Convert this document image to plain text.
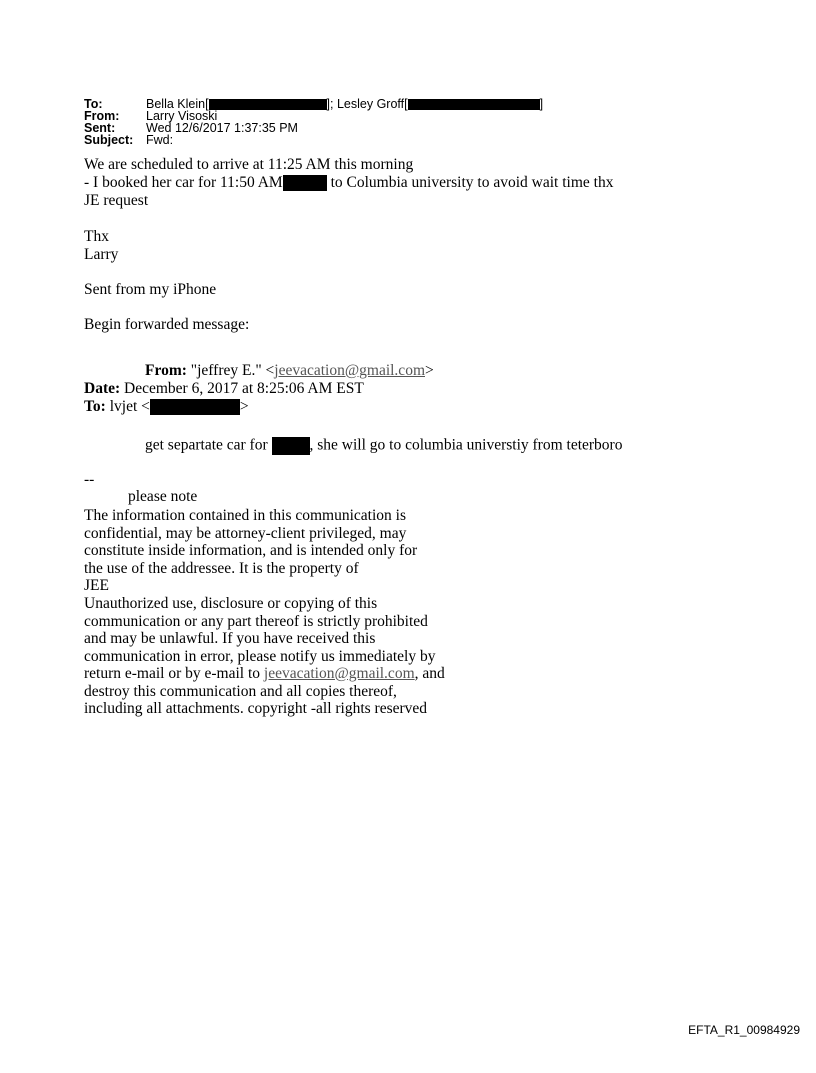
To:	Bella Klein[	]; Lesley Groff[	]
From: Larry Visoski
Sent: Wed 12/6/2017 1:37:35 PM
Subject: Fwd:
We are scheduled to arrive at 11:25 AM this morning
- I booked her car for 11:50 AM	to Columbia university to avoid wait time thx
JE request
Thx
Larry
Sent from my iPhone
Begin forwarded message:
From: "jeffrey E." <jeevacation@gmail.com>
Date: December 6, 2017 at 8:25:06 AM EST
To: lvjet <	>
get separtate car for	, she will go to columbia universtiy from teterboro
--
please note
The information contained in this communication is
confidential, may be attorney-client privileged, may
constitute inside information, and is intended only for
the use of the addressee. It is the property of
JEE
Unauthorized use, disclosure or copying of this
communication or any part thereof is strictly prohibited
and may be unlawful. If you have received this
communication in error, please notify us immediately by
return e-mail or by e-mail to jeevacation@gmail.com, and
destroy this communication and all copies thereof,
including all attachments. copyright -all rights reserved
EFTA_R1_00984929
